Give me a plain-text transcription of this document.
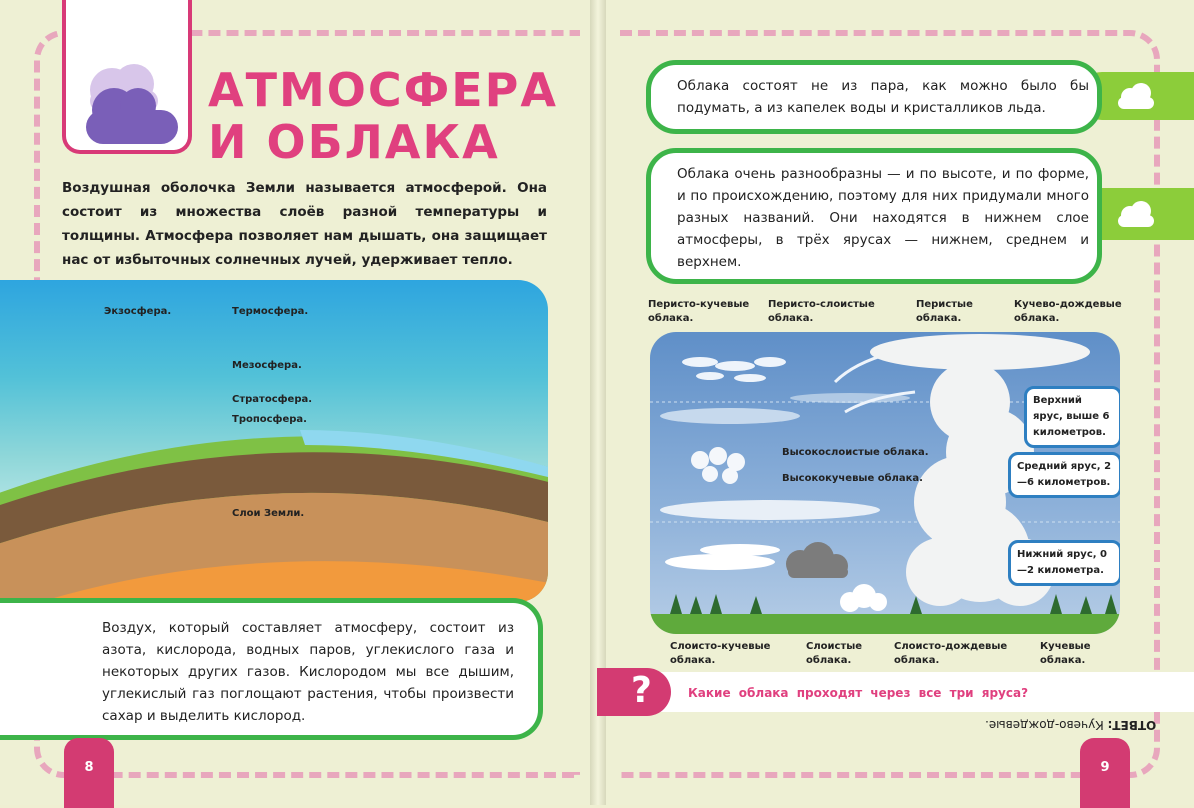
АТМОСФЕРА
И ОБЛАКА
Воздушная оболочка Земли называется атмосферой. Она состоит из множества слоёв разной температуры и толщины. Атмосфера позволяет нам дышать, она защищает нас от избыточных солнечных лучей, удерживает тепло.
Экзосфера.	Термосфера.
Мезосфера.
Стратосфера.
Тропосфера.
Слои Земли.
Воздух, который составляет атмосферу, состоит из азота, кислорода, водных паров, углекислого газа и некоторых других газов. Кислородом мы все дышим, углекислый газ поглощают растения, чтобы произвести сахар и выделить кислород.
8
Облака состоят не из пара, как можно было бы подумать, а из капелек воды и кристалликов льда.
Облака очень разнообразны — и по высоте, и по форме, и по происхождению, поэтому для них придумали много разных названий. Они находятся в нижнем слое атмосферы, в трёх ярусах — нижнем, среднем и верхнем.
Перисто-кучевые облака.
Перисто-слоистые облака.
Перистые облака.
Кучево-дождевые облака.
Высокослоистые облака.
Высококучевые облака.
Верхний ярус, выше 6 километров.
Средний ярус, 2—6 километров.
Нижний ярус, 0—2 километра.
Слоисто-кучевые облака.
Слоистые облака.
Слоисто-дождевые облака.
Кучевые облака.
?	Какие облака проходят через все три яруса?
ОТВЕТ: Кучево-дождевые.
9
